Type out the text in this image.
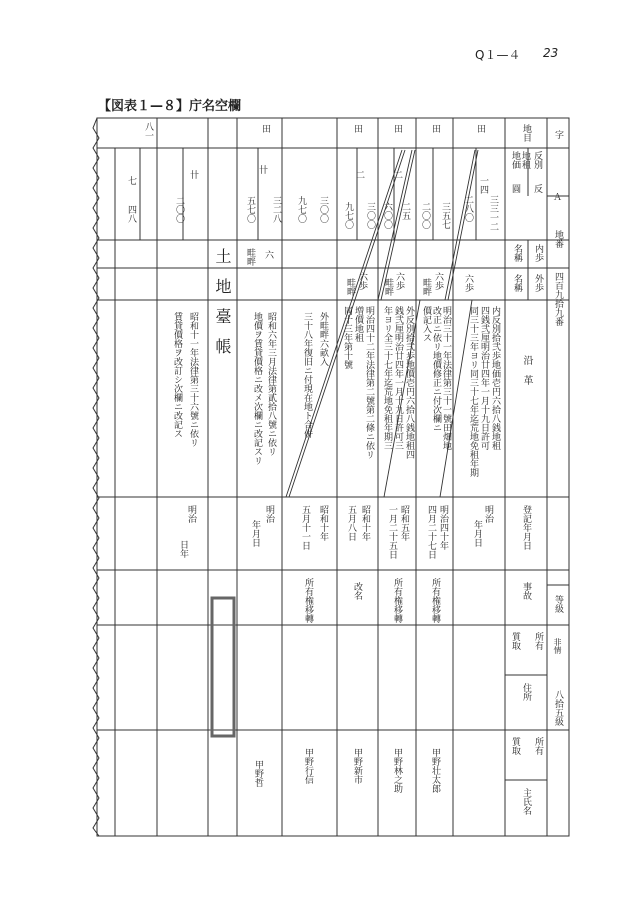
Q１—４ 23
【図表１—８】庁名空欄
字
Ａ
地番
四百九拾九番
等級
非情
八拾五級
地目
地価
圓
反別
反
地租
名稱 内歩
名稱 外歩
沿　革
登記年月日
事故
質取 所有
住所
質取 所有
主氏名
土地臺帳
田
三三一二
二八〇
一四
六歩
内反別拾弐歩地価壱円六拾八銭地租
四銭弐厘明治廿四年一月十九日許可
同三十三年ヨリ同三十七年迄荒地免租年期
明治
年月日
田
三五七
二〇〇
六歩
畦畔
明治三十一年法律第三十一號田畑地
改正ニ依リ地價修正ニ付次欄ニ
價記入ス
明治四十年
四月二十七日
所有権移轉
甲野壮太郎
田
二五
六〇〇
二
六歩
畦畔
外反別拾弐歩地價壱円六拾八銭地租四
銭弐厘明治廿四年一月十九日許可三
年ヨリ全三十七年迄荒地免租年期三
昭和五年
一月二十五日
所有権移轉
甲野林之助
田
三〇〇
九七〇
二
六歩
畦畔
明治四十二年法律第二號第二條ニ依リ
増價地租
同十三年第十號
昭和十年
五月八日
改名
甲野新市
三〇〇
九七〇
外畦畔六畝入
三十八年復旧ニ付現在地ト合併
昭和十年
五月十一日
所有権移轉
甲野行信
田
三二八
五七〇
卄
六
畦畔
昭和六年三月法律第貳拾八號ニ依リ
地價ヲ賃貸價格ニ改メ次欄ニ改記スリ
明治
年月日
甲野哲
卄
二〇〇
昭和十一年法律第三十六號ニ依リ
賃貸價格ヲ改訂シ次欄ニ改記ス
明治
日年
八一
七
四八
